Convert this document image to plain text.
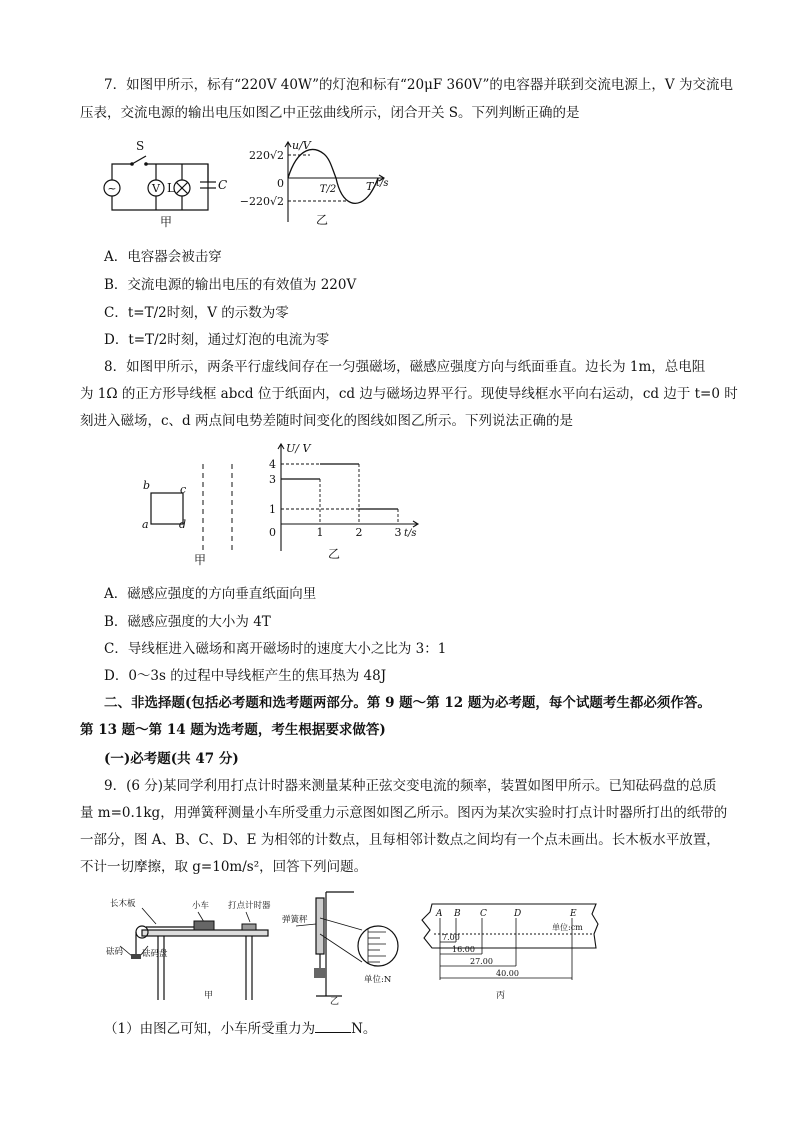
7．如图甲所示，标有“220V 40W”的灯泡和标有“20μF 360V”的电容器并联到交流电源上，V 为交流电
压表，交流电源的输出电压如图乙中正弦曲线所示，闭合开关 S。下列判断正确的是
~	V
S
L	C
甲
u/V
220√2
−220√2
0	T/2	T t/s
乙
A．电容器会被击穿
B．交流电源的输出电压的有效值为 220V
C．t=T/2时刻，V 的示数为零
D．t=T/2时刻，通过灯泡的电流为零
8．如图甲所示，两条平行虚线间存在一匀强磁场，磁感应强度方向与纸面垂直。边长为 1m，总电阻
为 1Ω 的正方形导线框 abcd 位于纸面内，cd 边与磁场边界平行。现使导线框水平向右运动，cd 边于 t=0 时
刻进入磁场，c、d 两点间电势差随时间变化的图线如图乙所示。下列说法正确的是
b	c
a	d
甲
U/ V
4
3
1
0	1	2	3 t/s
乙
A．磁感应强度的方向垂直纸面向里
B．磁感应强度的大小为 4T
C．导线框进入磁场和离开磁场时的速度大小之比为 3：1
D．0～3s 的过程中导线框产生的焦耳热为 48J
二、非选择题(包括必考题和选考题两部分。第 9 题～第 12 题为必考题，每个试题考生都必须作答。
第 13 题～第 14 题为选考题，考生根据要求做答)
(一)必考题(共 47 分)
9．(6 分)某同学利用打点计时器来测量某种正弦交变电流的频率，装置如图甲所示。已知砝码盘的总质
量 m=0.1kg，用弹簧秤测量小车所受重力示意图如图乙所示。图丙为某次实验时打点计时器所打出的纸带的
一部分，图 A、B、C、D、E 为相邻的计数点，且每相邻计数点之间均有一个点未画出。长木板水平放置，
不计一切摩擦，取 g=10m/s²，回答下列问题。
长木板	小车 打点计时器
砝码 砝码盘
甲
弹簧秤
单位:N
乙
A B C	D	E
单位:cm
7.00
16.00
27.00
40.00
丙
（1）由图乙可知，小车所受重力为	N。
